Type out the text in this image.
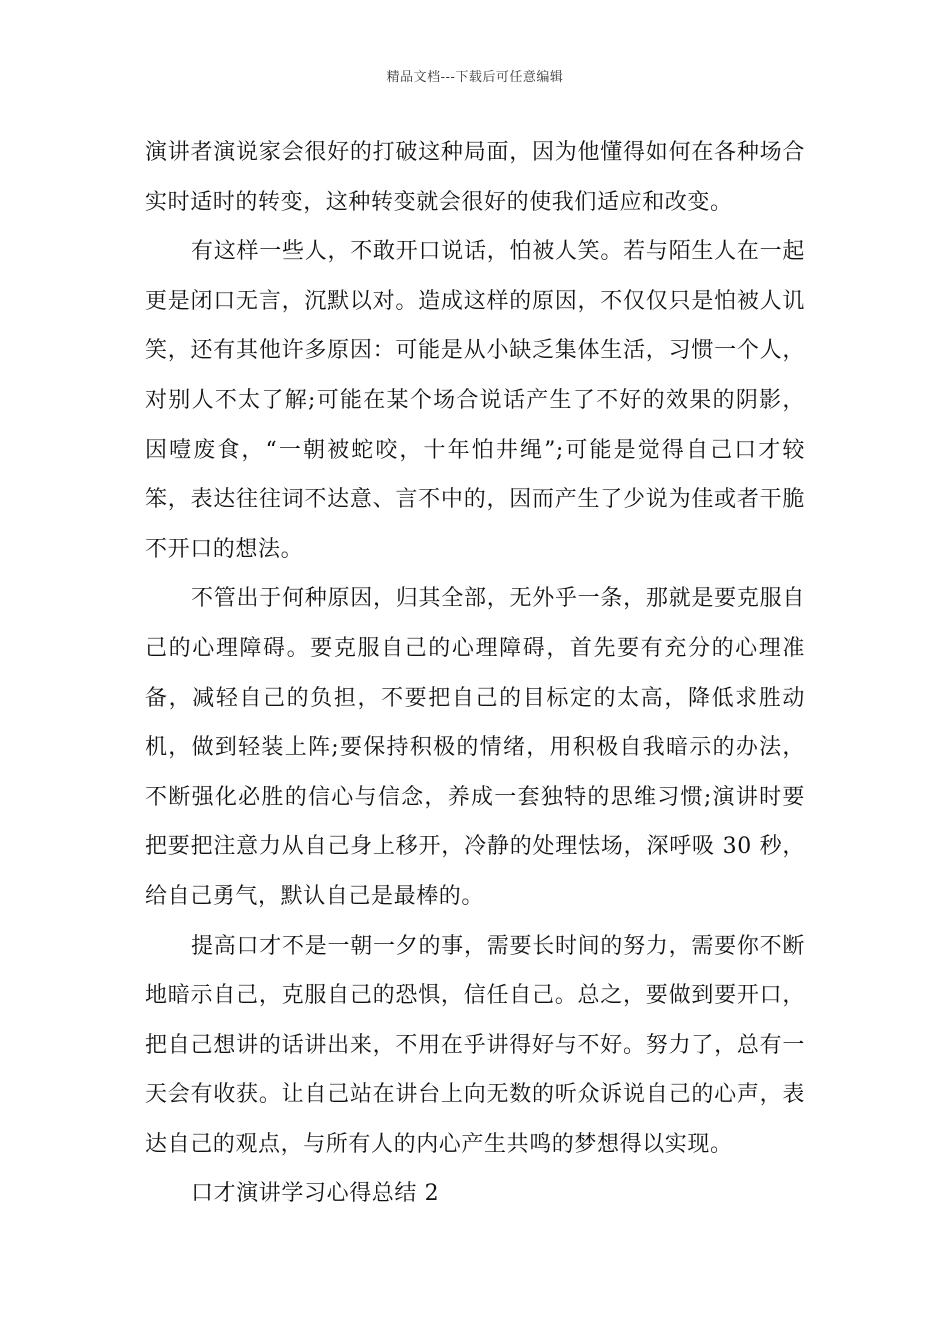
精品文档---下载后可任意编辑

演讲者演说家会很好的打破这种局面，因为他懂得如何在各种场合实时适时的转变，这种转变就会很好的使我们适应和改变。

有这样一些人，不敢开口说话，怕被人笑。若与陌生人在一起更是闭口无言，沉默以对。造成这样的原因，不仅仅只是怕被人讥笑，还有其他许多原因：可能是从小缺乏集体生活，习惯一个人，对别人不太了解;可能在某个场合说话产生了不好的效果的阴影，因噎废食，“一朝被蛇咬，十年怕井绳”;可能是觉得自己口才较笨，表达往往词不达意、言不中的，因而产生了少说为佳或者干脆不开口的想法。

不管出于何种原因，归其全部，无外乎一条，那就是要克服自己的心理障碍。要克服自己的心理障碍，首先要有充分的心理准备，减轻自己的负担，不要把自己的目标定的太高，降低求胜动机，做到轻装上阵;要保持积极的情绪，用积极自我暗示的办法，不断强化必胜的信心与信念，养成一套独特的思维习惯;演讲时要把要把注意力从自己身上移开，冷静的处理怯场，深呼吸 30 秒，给自己勇气，默认自己是最棒的。

提高口才不是一朝一夕的事，需要长时间的努力，需要你不断地暗示自己，克服自己的恐惧，信任自己。总之，要做到要开口，把自己想讲的话讲出来，不用在乎讲得好与不好。努力了，总有一天会有收获。让自己站在讲台上向无数的听众诉说自己的心声，表达自己的观点，与所有人的内心产生共鸣的梦想得以实现。

口才演讲学习心得总结 2
